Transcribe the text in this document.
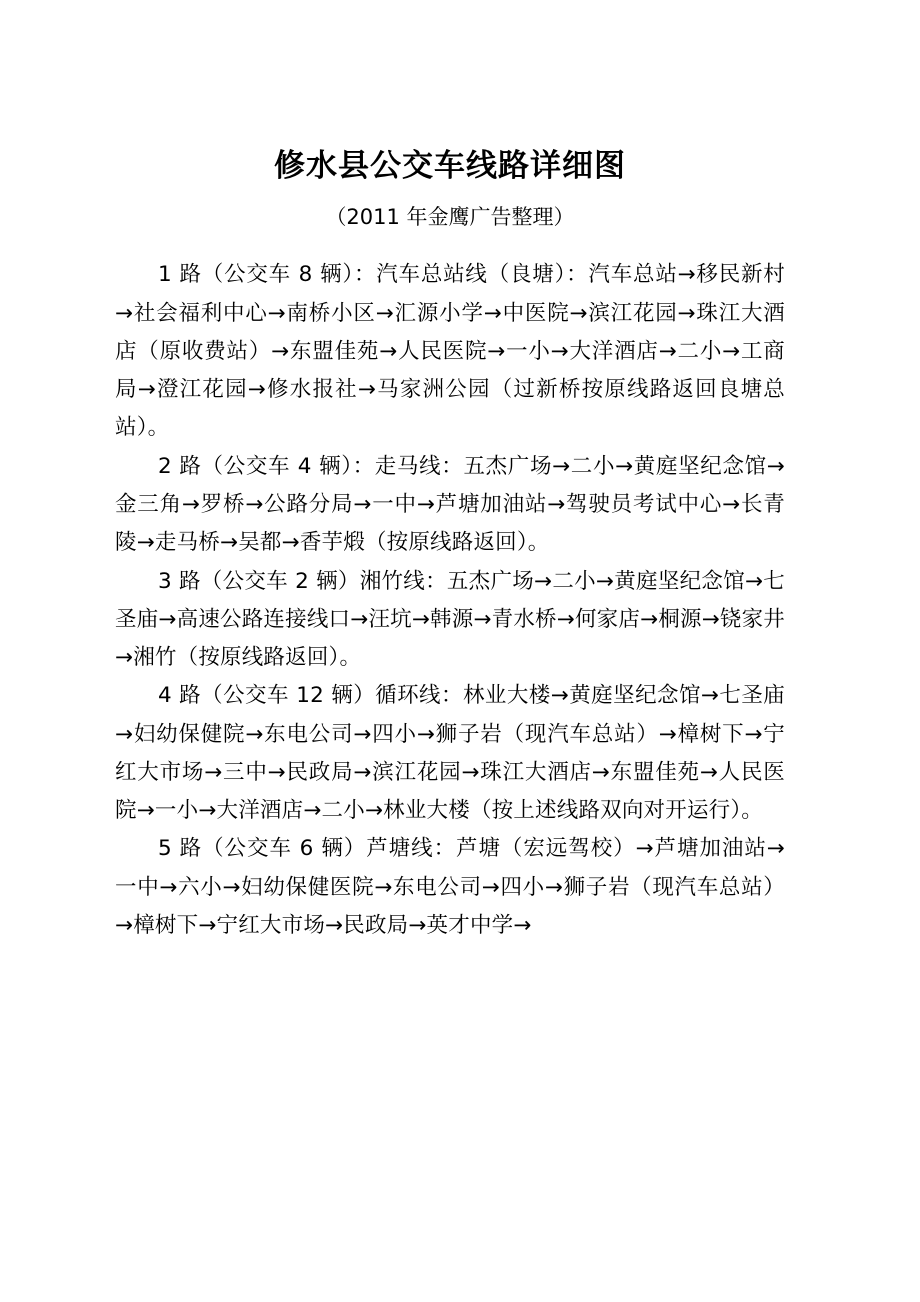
修水县公交车线路详细图
（2011 年金鹰广告整理）

1 路（公交车 8 辆）：汽车总站线（良塘）：汽车总站→移民新村→社会福利中心→南桥小区→汇源小学→中医院→滨江花园→珠江大酒店（原收费站）→东盟佳苑→人民医院→一小→大洋酒店→二小→工商局→澄江花园→修水报社→马家洲公园（过新桥按原线路返回良塘总站）。

2 路（公交车 4 辆）：走马线：五杰广场→二小→黄庭坚纪念馆→金三角→罗桥→公路分局→一中→芦塘加油站→驾驶员考试中心→长青陵→走马桥→吴都→香芋煅（按原线路返回）。

3 路（公交车 2 辆）湘竹线：五杰广场→二小→黄庭坚纪念馆→七圣庙→高速公路连接线口→汪坑→韩源→青水桥→何家店→桐源→铙家井→湘竹（按原线路返回）。

4 路（公交车 12 辆）循环线：林业大楼→黄庭坚纪念馆→七圣庙→妇幼保健院→东电公司→四小→狮子岩（现汽车总站）→樟树下→宁红大市场→三中→民政局→滨江花园→珠江大酒店→东盟佳苑→人民医院→一小→大洋酒店→二小→林业大楼（按上述线路双向对开运行）。

5 路（公交车 6 辆）芦塘线：芦塘（宏远驾校）→芦塘加油站→一中→六小→妇幼保健医院→东电公司→四小→狮子岩（现汽车总站）→樟树下→宁红大市场→民政局→英才中学→
